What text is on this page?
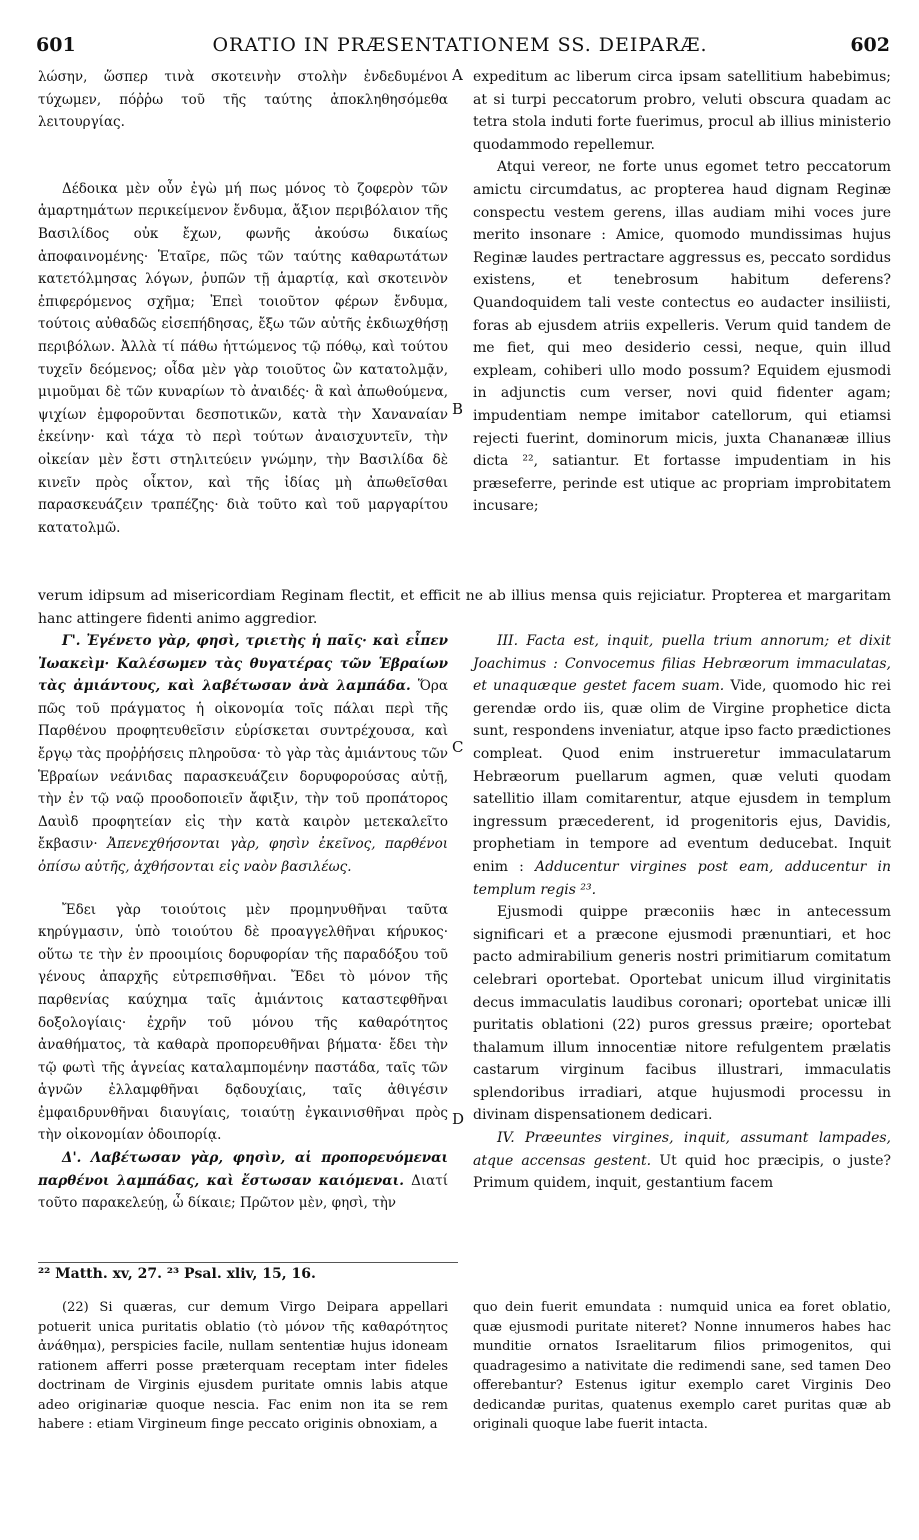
601	ORATIO IN PRÆSENTATIONEM SS. DEIPARÆ.	602
A
B
C
D

λώσην, ὥσπερ τινὰ σκοτεινὴν στολὴν ἐνδεδυμένοι τύχωμεν, πόῤῥω τοῦ τῆς ταύτης ἀποκληθησόμεθα λειτουργίας.

Δέδοικα μὲν οὖν ἐγὼ μή πως μόνος τὸ ζοφερὸν τῶν ἁμαρτημάτων περικείμενον ἔνδυμα, ἄξιον περιβόλαιον τῆς Βασιλίδος οὐκ ἔχων, φωνῆς ἀκούσω δικαίως ἀποφαινομένης· Ἑταῖρε, πῶς τῶν ταύτης καθαρωτάτων κατετόλμησας λόγων, ῥυπῶν τῇ ἁμαρτίᾳ, καὶ σκοτεινὸν ἐπιφερόμενος σχῆμα; Ἐπεὶ τοιοῦτον φέρων ἔνδυμα, τούτοις αὐθαδῶς εἰσεπήδησας, ἔξω τῶν αὐτῆς ἐκδιωχθήσῃ περιβόλων. Ἀλλὰ τί πάθω ἡττώμενος τῷ πόθῳ, καὶ τούτου τυχεῖν δεόμενος; οἶδα μὲν γὰρ τοιοῦτος ὢν κατατολμᾷν, μιμοῦμαι δὲ τῶν κυναρίων τὸ ἀναιδές· ἃ καὶ ἀπωθούμενα, ψιχίων ἐμφοροῦνται δεσποτικῶν, κατὰ τὴν Χαναναίαν ἐκείνην· καὶ τάχα τὸ περὶ τούτων ἀναισχυντεῖν, τὴν οἰκείαν μὲν ἔστι στηλιτεύειν γνώμην, τὴν Βασιλίδα δὲ κινεῖν πρὸς οἶκτον, καὶ τῆς ἰδίας μὴ ἀπωθεῖσθαι παρασκευάζειν τραπέζης· διὰ τοῦτο καὶ τοῦ μαργαρίτου κατατολμῶ.

expeditum ac liberum circa ipsam satellitium habebimus; at si turpi peccatorum probro, veluti obscura quadam ac tetra stola induti forte fuerimus, procul ab illius ministerio quodammodo repellemur.

Atqui vereor, ne forte unus egomet tetro peccatorum amictu circumdatus, ac propterea haud dignam Reginæ conspectu vestem gerens, illas audiam mihi voces jure merito insonare : Amice, quomodo mundissimas hujus Reginæ laudes pertractare aggressus es, peccato sordidus existens, et tenebrosum habitum deferens? Quandoquidem tali veste contectus eo audacter insiliisti, foras ab ejusdem atriis expelleris. Verum quid tandem de me fiet, qui meo desiderio cessi, neque, quin illud expleam, cohiberi ullo modo possum? Equidem ejusmodi in adjunctis cum verser, novi quid fidenter agam; impudentiam nempe imitabor catellorum, qui etiamsi rejecti fuerint, dominorum micis, juxta Chananææ illius dicta ²², satiantur. Et fortasse impudentiam in his præseferre, perinde est utique ac propriam improbitatem incusare;

verum idipsum ad misericordiam Reginam flectit, et efficit ne ab illius mensa quis rejiciatur. Propterea et margaritam hanc attingere fidenti animo aggredior.

Γ'. Ἐγένετο γὰρ, φησὶ, τριετὴς ἡ παῖς· καὶ εἶπεν Ἰωακεὶμ· Καλέσωμεν τὰς θυγατέρας τῶν Ἑβραίων τὰς ἀμιάντους, καὶ λαβέτωσαν ἀνὰ λαμπάδα. Ὅρα πῶς τοῦ πράγματος ἡ οἰκονομία τοῖς πάλαι περὶ τῆς Παρθένου προφητευθεῖσιν εὑρίσκεται συντρέχουσα, καὶ ἔργῳ τὰς προῤῥήσεις πληροῦσα· τὸ γὰρ τὰς ἀμιάντους τῶν Ἑβραίων νεάνιδας παρασκευάζειν δορυφορούσας αὐτῇ, τὴν ἐν τῷ ναῷ προοδοποιεῖν ἄφιξιν, τὴν τοῦ προπάτορος Δαυὶδ προφητείαν εἰς τὴν κατὰ καιρὸν μετεκαλεῖτο ἔκβασιν· Ἀπενεχθήσονται γὰρ, φησὶν ἐκεῖνος, παρθένοι ὀπίσω αὐτῆς, ἀχθήσονται εἰς ναὸν βασιλέως.

Ἔδει γὰρ τοιούτοις μὲν προμηνυθῆναι ταῦτα κηρύγμασιν, ὑπὸ τοιούτου δὲ προαγγελθῆναι κήρυκος· οὕτω τε τὴν ἐν προοιμίοις δορυφορίαν τῆς παραδόξου τοῦ γένους ἀπαρχῆς εὐτρεπισθῆναι. Ἔδει τὸ μόνον τῆς παρθενίας καύχημα ταῖς ἀμιάντοις καταστεφθῆναι δοξολογίαις· ἐχρῆν τοῦ μόνου τῆς καθαρότητος ἀναθήματος, τὰ καθαρὰ προπορευθῆναι βήματα· ἔδει τὴν τῷ φωτὶ τῆς ἁγνείας καταλαμπομένην παστάδα, ταῖς τῶν ἁγνῶν ἐλλαμφθῆναι δᾳδουχίαις, ταῖς ἀθιγέσιν ἐμφαιδρυνθῆναι διαυγίαις, τοιαύτῃ ἐγκαινισθῆναι πρὸς τὴν οἰκονομίαν ὁδοιπορίᾳ.

Δ'. Λαβέτωσαν γὰρ, φησὶν, αἱ προπορευόμεναι παρθένοι λαμπάδας, καὶ ἔστωσαν καιόμεναι. Διατί τοῦτο παρακελεύῃ, ὦ δίκαιε; Πρῶτον μὲν, φησὶ, τὴν

III. Facta est, inquit, puella trium annorum; et dixit Joachimus : Convocemus filias Hebræorum immaculatas, et unaquæque gestet facem suam. Vide, quomodo hic rei gerendæ ordo iis, quæ olim de Virgine prophetice dicta sunt, respondens inveniatur, atque ipso facto prædictiones compleat. Quod enim instrueretur immaculatarum Hebræorum puellarum agmen, quæ veluti quodam satellitio illam comitarentur, atque ejusdem in templum ingressum præcederent, id progenitoris ejus, Davidis, prophetiam in tempore ad eventum deducebat. Inquit enim : Adducentur virgines post eam, adducentur in templum regis ²³.

Ejusmodi quippe præconiis hæc in antecessum significari et a præcone ejusmodi prænuntiari, et hoc pacto admirabilium generis nostri primitiarum comitatum celebrari oportebat. Oportebat unicum illud virginitatis decus immaculatis laudibus coronari; oportebat unicæ illi puritatis oblationi (22) puros gressus præire; oportebat thalamum illum innocentiæ nitore refulgentem prælatis castarum virginum facibus illustrari, immaculatis splendoribus irradiari, atque hujusmodi processu in divinam dispensationem dedicari.

IV. Præeuntes virgines, inquit, assumant lampades, atque accensas gestent. Ut quid hoc præcipis, o juste? Primum quidem, inquit, gestantium facem

²² Matth. xv, 27. ²³ Psal. xliv, 15, 16.

(22) Si quæras, cur demum Virgo Deipara appellari potuerit unica puritatis oblatio (τὸ μόνον τῆς καθαρότητος ἀνάθημα), perspicies facile, nullam sententiæ hujus idoneam rationem afferri posse præterquam receptam inter fideles doctrinam de Virginis ejusdem puritate omnis labis atque adeo originariæ quoque nescia. Fac enim non ita se rem habere : etiam Virgineum finge peccato originis obnoxiam, a

quo dein fuerit emundata : numquid unica ea foret oblatio, quæ ejusmodi puritate niteret? Nonne innumeros habes hac munditie ornatos Israelitarum filios primogenitos, qui quadragesimo a nativitate die redimendi sane, sed tamen Deo offerebantur? Estenus igitur exemplo caret Virginis Deo dedicandæ puritas, quatenus exemplo caret puritas quæ ab originali quoque labe fuerit intacta.
